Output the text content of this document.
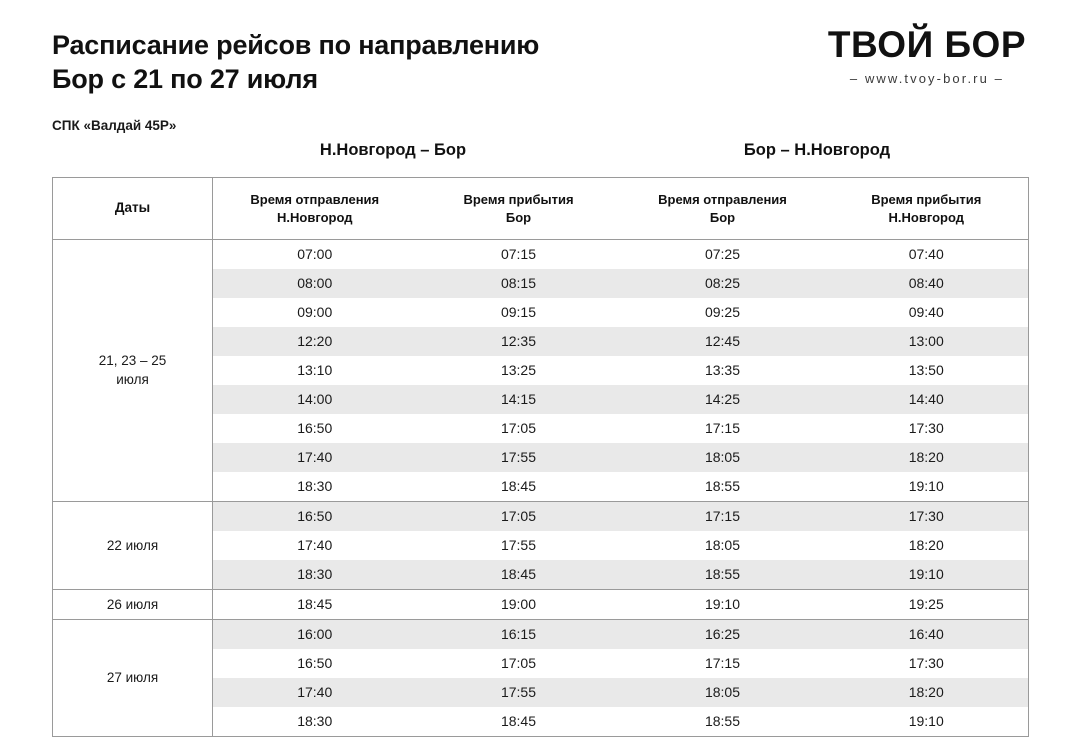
Расписание рейсов по направлению
Бор с 21 по 27 июля
СПК «Валдай 45Р»
ТВОЙ БОР
– www.tvoy-bor.ru –
Н.Новгород – Бор	Бор – Н.Новгород
Даты	Время отправления
Н.Новгород	Время прибытия
Бор	Время отправления
Бор	Время прибытия
Н.Новгород
21, 23 – 25
июля	07:00	07:15	07:25	07:40
	08:00	08:15	08:25	08:40
	09:00	09:15	09:25	09:40
	12:20	12:35	12:45	13:00
	13:10	13:25	13:35	13:50
	14:00	14:15	14:25	14:40
	16:50	17:05	17:15	17:30
	17:40	17:55	18:05	18:20
	18:30	18:45	18:55	19:10
22 июля	16:50	17:05	17:15	17:30
	17:40	17:55	18:05	18:20
	18:30	18:45	18:55	19:10
26 июля	18:45	19:00	19:10	19:25
27 июля	16:00	16:15	16:25	16:40
	16:50	17:05	17:15	17:30
	17:40	17:55	18:05	18:20
	18:30	18:45	18:55	19:10
